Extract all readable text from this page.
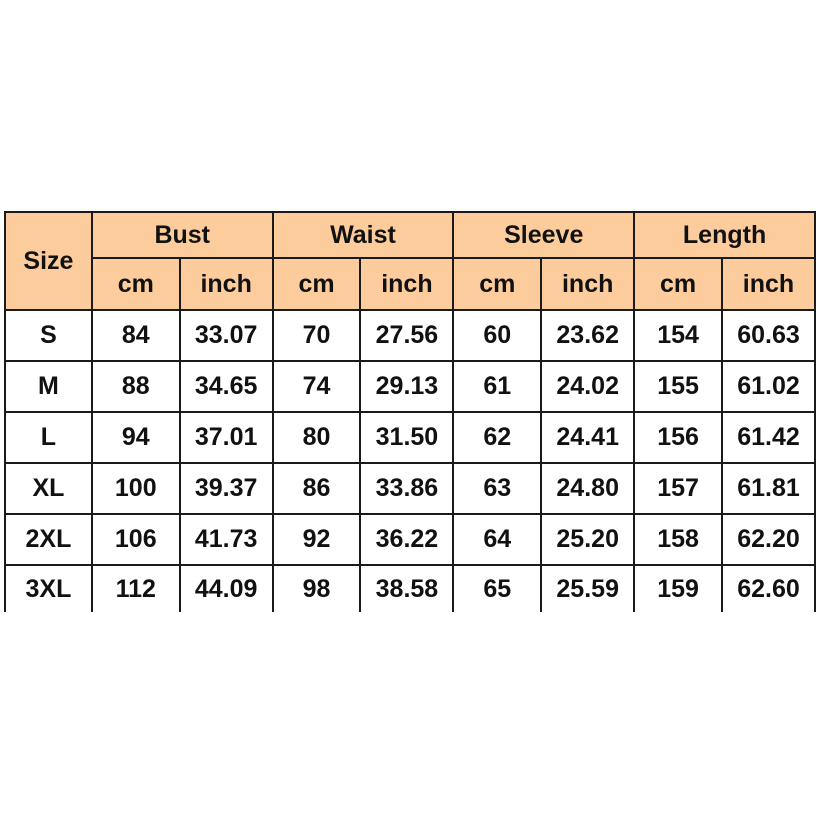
Size	Bust		Waist		Sleeve		Length	
	cm	inch	cm	inch	cm	inch	cm	inch
S	84	33.07	70	27.56	60	23.62	154	60.63
M	88	34.65	74	29.13	61	24.02	155	61.02
L	94	37.01	80	31.50	62	24.41	156	61.42
XL	100	39.37	86	33.86	63	24.80	157	61.81
2XL	106	41.73	92	36.22	64	25.20	158	62.20
3XL	112	44.09	98	38.58	65	25.59	159	62.60
